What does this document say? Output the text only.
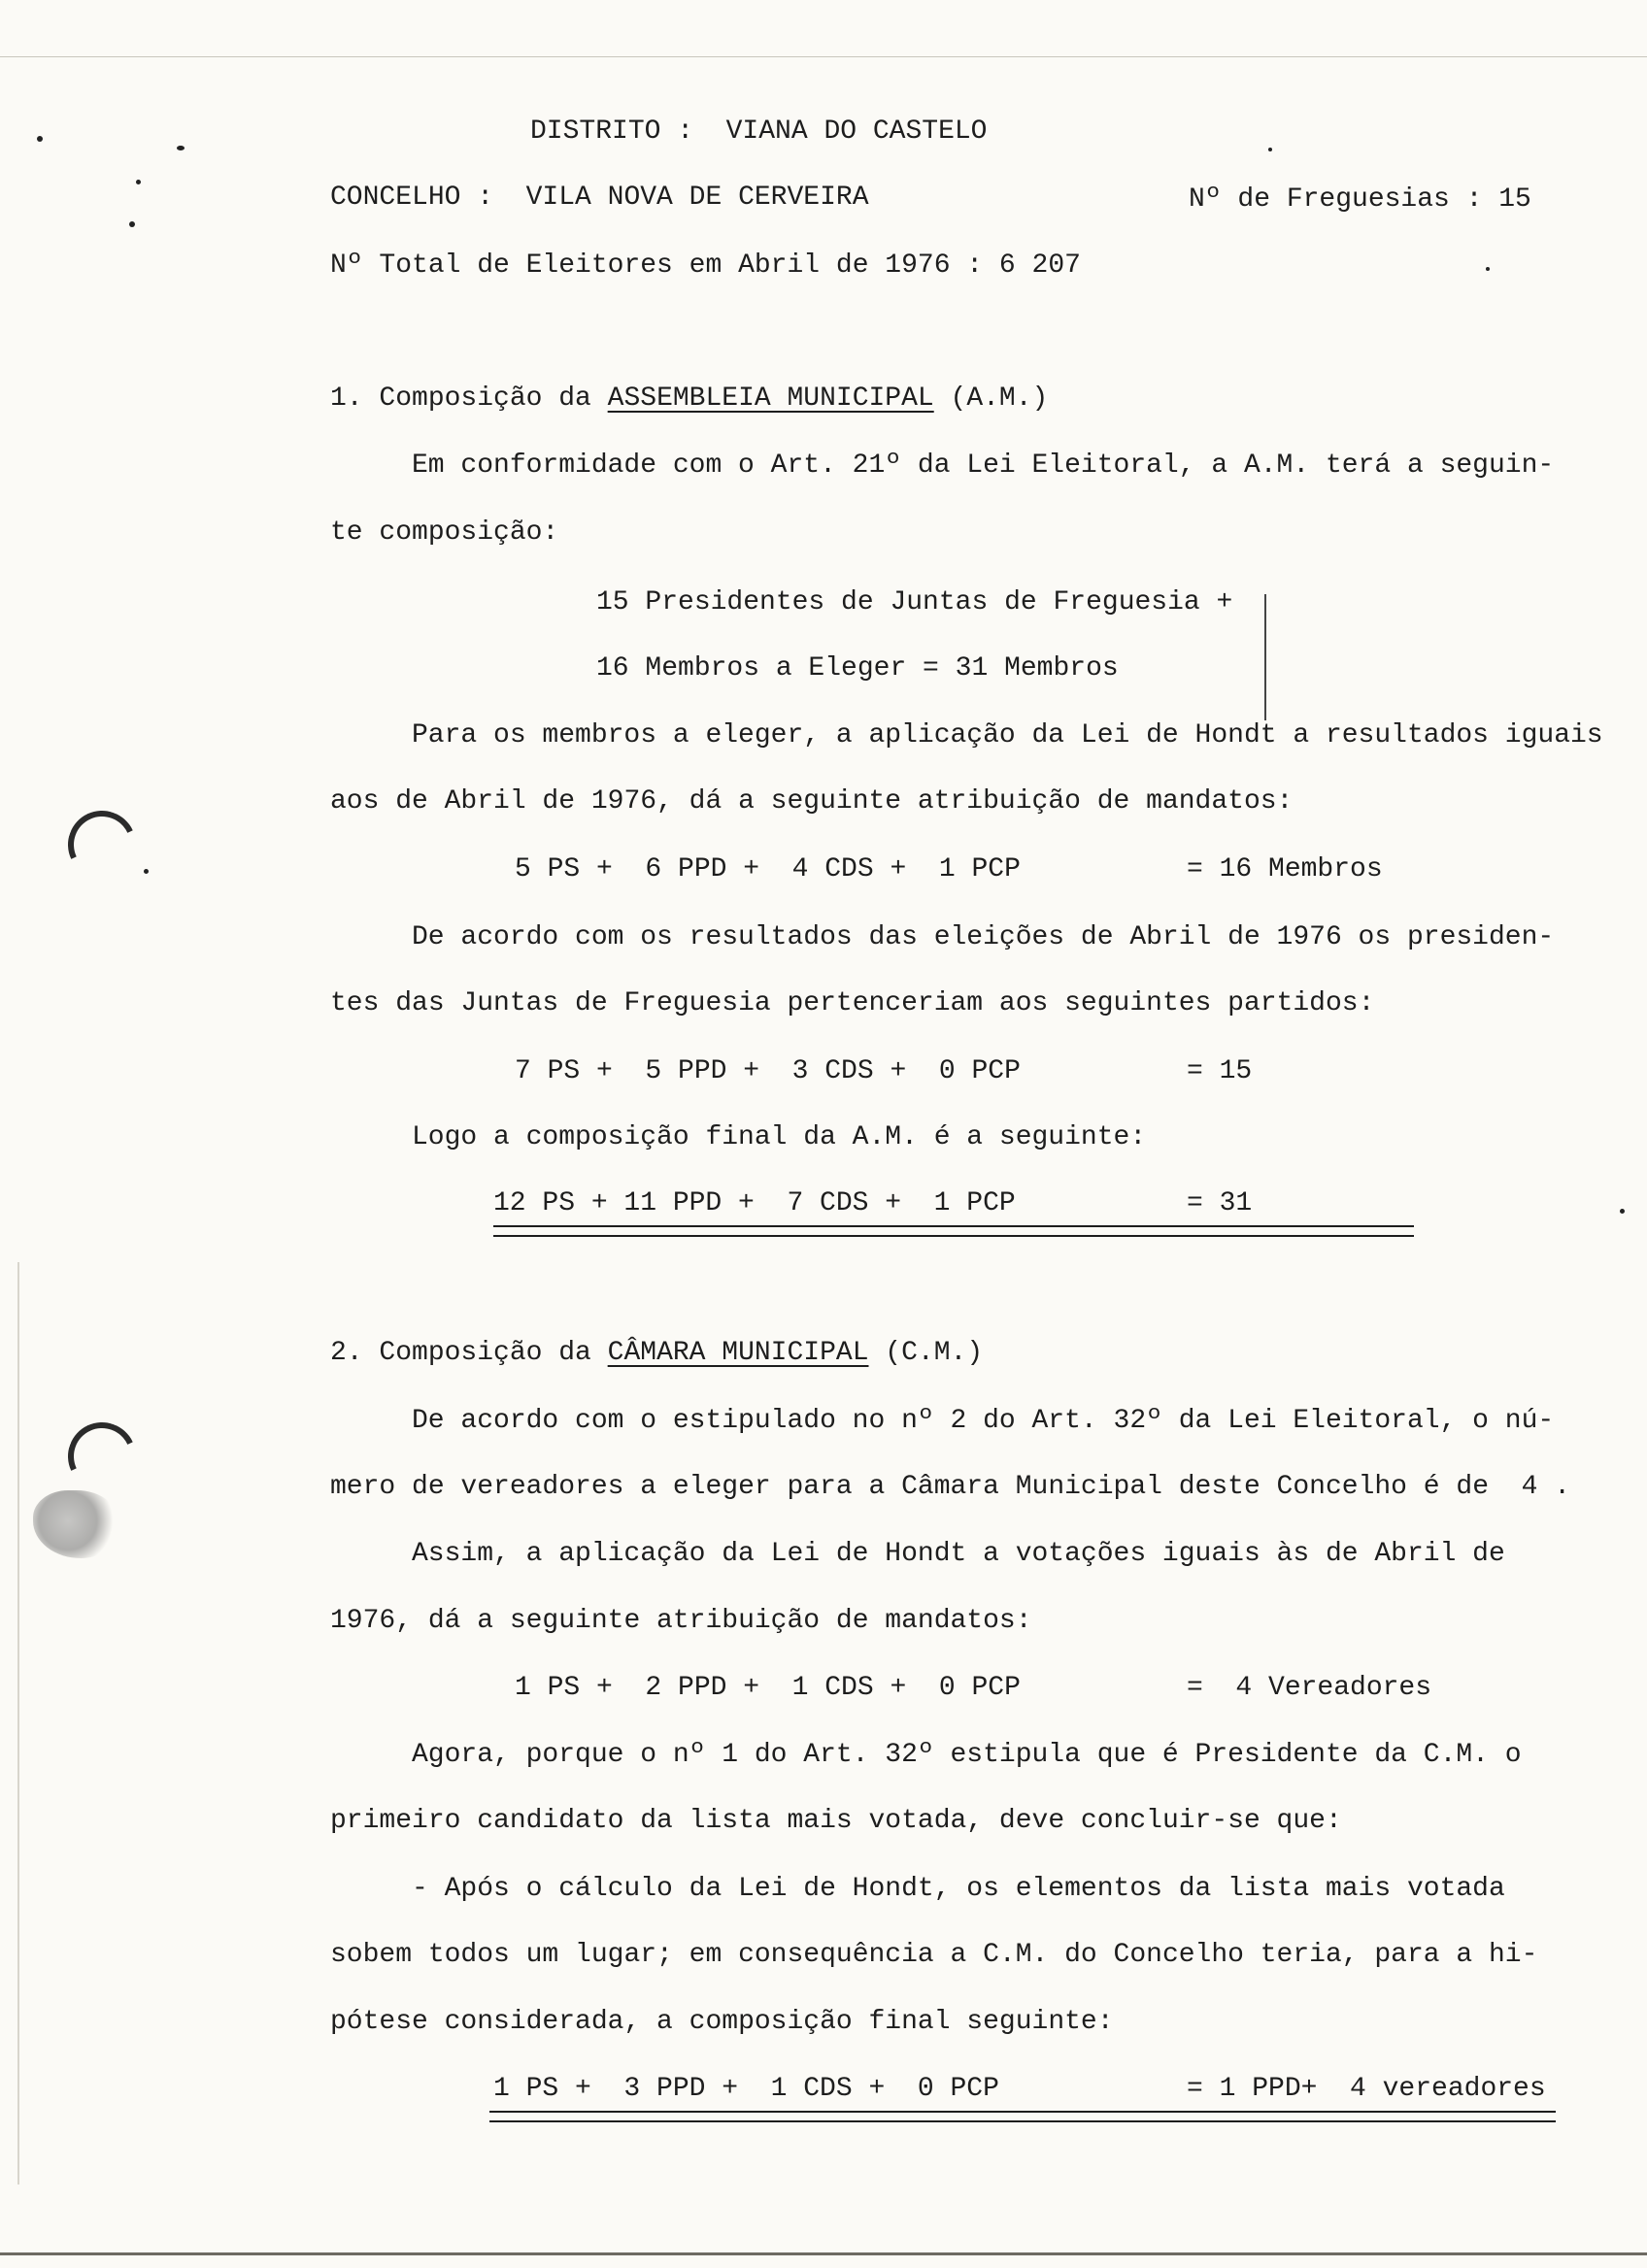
DISTRITO :  VIANA DO CASTELO
CONCELHO :  VILA NOVA DE CERVEIRA	Nº de Freguesias : 15
Nº Total de Eleitores em Abril de 1976 : 6 207
1. Composição da ASSEMBLEIA MUNICIPAL (A.M.)
Em conformidade com o Art. 21º da Lei Eleitoral, a A.M. terá a seguin-
te composição:
15 Presidentes de Juntas de Freguesia +
16 Membros a Eleger = 31 Membros
Para os membros a eleger, a aplicação da Lei de Hondt a resultados iguais
aos de Abril de 1976, dá a seguinte atribuição de mandatos:
5 PS +  6 PPD +  4 CDS +  1 PCP	= 16 Membros
De acordo com os resultados das eleições de Abril de 1976 os presiden-
tes das Juntas de Freguesia pertenceriam aos seguintes partidos:
7 PS +  5 PPD +  3 CDS +  0 PCP	= 15
Logo a composição final da A.M. é a seguinte:
12 PS + 11 PPD +  7 CDS +  1 PCP	= 31
2. Composição da CÂMARA MUNICIPAL (C.M.)
De acordo com o estipulado no nº 2 do Art. 32º da Lei Eleitoral, o nú-
mero de vereadores a eleger para a Câmara Municipal deste Concelho é de  4 .
Assim, a aplicação da Lei de Hondt a votações iguais às de Abril de
1976, dá a seguinte atribuição de mandatos:
1 PS +  2 PPD +  1 CDS +  0 PCP	=  4 Vereadores
Agora, porque o nº 1 do Art. 32º estipula que é Presidente da C.M. o
primeiro candidato da lista mais votada, deve concluir-se que:
- Após o cálculo da Lei de Hondt, os elementos da lista mais votada
sobem todos um lugar; em consequência a C.M. do Concelho teria, para a hi-
pótese considerada, a composição final seguinte:
1 PS +  3 PPD +  1 CDS +  0 PCP	= 1 PPD+  4 vereadores
